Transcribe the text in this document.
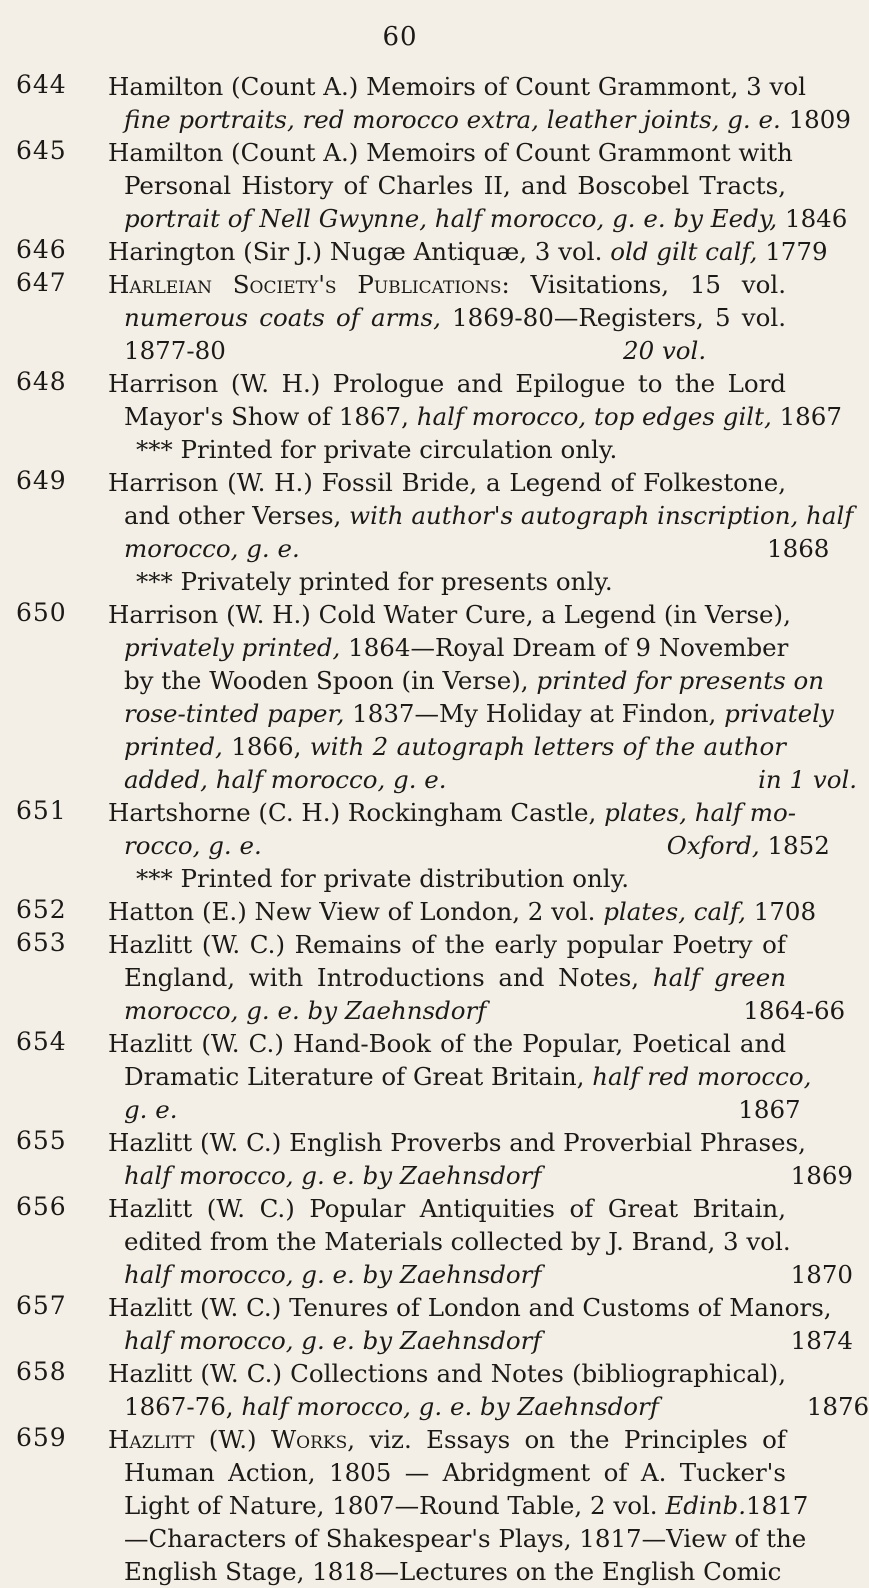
60
644	Hamilton (Count A.) Memoirs of Count Grammont, 3 vol
fine portraits, red morocco extra, leather joints, g. e. 1809
645	Hamilton (Count A.) Memoirs of Count Grammont with
Personal History of Charles II, and Boscobel Tracts,
portrait of Nell Gwynne, half morocco, g. e. by Eedy, 1846
646	Harington (Sir J.) Nugæ Antiquæ, 3 vol. old gilt calf, 1779
647	Harleian Society's Publications: Visitations, 15 vol.
numerous coats of arms, 1869-80—Registers, 5 vol.
1877-80	20 vol.
648	Harrison (W. H.) Prologue and Epilogue to the Lord
Mayor's Show of 1867, half morocco, top edges gilt, 1867
*** Printed for private circulation only.
649	Harrison (W. H.) Fossil Bride, a Legend of Folkestone,
and other Verses, with author's autograph inscription, half
morocco, g. e.	1868
*** Privately printed for presents only.
650	Harrison (W. H.) Cold Water Cure, a Legend (in Verse),
privately printed, 1864—Royal Dream of 9 November
by the Wooden Spoon (in Verse), printed for presents on
rose-tinted paper, 1837—My Holiday at Findon, privately
printed, 1866, with 2 autograph letters of the author
added, half morocco, g. e.	in 1 vol.
651	Hartshorne (C. H.) Rockingham Castle, plates, half mo-
rocco, g. e.	Oxford, 1852
*** Printed for private distribution only.
652	Hatton (E.) New View of London, 2 vol. plates, calf, 1708
653	Hazlitt (W. C.) Remains of the early popular Poetry of
England, with Introductions and Notes, half green
morocco, g. e. by Zaehnsdorf	1864-66
654	Hazlitt (W. C.) Hand-Book of the Popular, Poetical and
Dramatic Literature of Great Britain, half red morocco,
g. e.	1867
655	Hazlitt (W. C.) English Proverbs and Proverbial Phrases,
half morocco, g. e. by Zaehnsdorf	1869
656	Hazlitt (W. C.) Popular Antiquities of Great Britain,
edited from the Materials collected by J. Brand, 3 vol.
half morocco, g. e. by Zaehnsdorf	1870
657	Hazlitt (W. C.) Tenures of London and Customs of Manors,
half morocco, g. e. by Zaehnsdorf	1874
658	Hazlitt (W. C.) Collections and Notes (bibliographical),
1867-76, half morocco, g. e. by Zaehnsdorf	1876
659	Hazlitt (W.) Works, viz. Essays on the Principles of
Human Action, 1805 — Abridgment of A. Tucker's
Light of Nature, 1807—Round Table, 2 vol. Edinb.1817
—Characters of Shakespear's Plays, 1817—View of the
English Stage, 1818—Lectures on the English Comic
